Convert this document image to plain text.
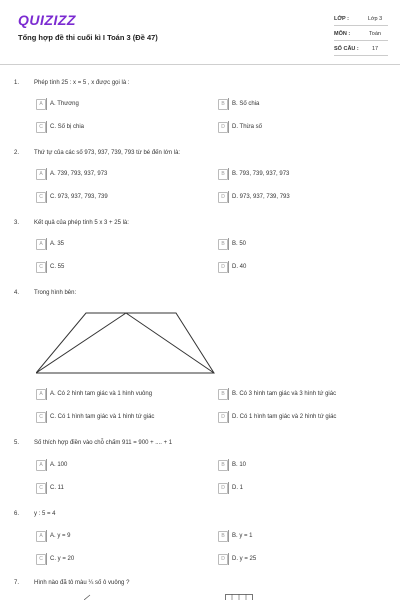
QUIZIZZ
Tổng hợp đề thi cuối kì I Toán 3 (Đề 47)
LỚP :	Lớp 3
MÔN :	Toán
SỐ CÂU :	17
1.	Phép tính 25 : x = 5 , x được gọi là :
A	A. Thương	B	B. Số chia
C	C. Số bị chia	D	D. Thừa số
2.	Thứ tự của các số 973, 937, 739, 793 từ bé đến lớn là:
A	A. 739, 793, 937, 973	B	B. 793, 739, 937, 973
C	C. 973, 937, 793, 739	D	D. 973, 937, 739, 793
3.	Kết quả của phép tính 5 x 3 + 25 là:
A	A. 35	B	B. 50
C	C. 55	D	D. 40
4.	Trong hình bên:
A	A. Có 2 hình tam giác và 1 hình vuông	B	B. Có 3 hình tam giác và 3 hình tứ giác
C	C. Có 1 hình tam giác và 1 hình tứ giác	D	D. Có 1 hình tam giác và 2 hình tứ giác
5.	Số thích hợp điền vào chỗ chấm 911 = 900 + .... + 1
A	A. 100	B	B. 10
C	C. 11	D	D. 1
6.	y : 5 = 4
A	A. y = 9	B	B. y = 1
C	C. y = 20	D	D. y = 25
7.	Hình nào đã tô màu ¼ số ô vuông ?
